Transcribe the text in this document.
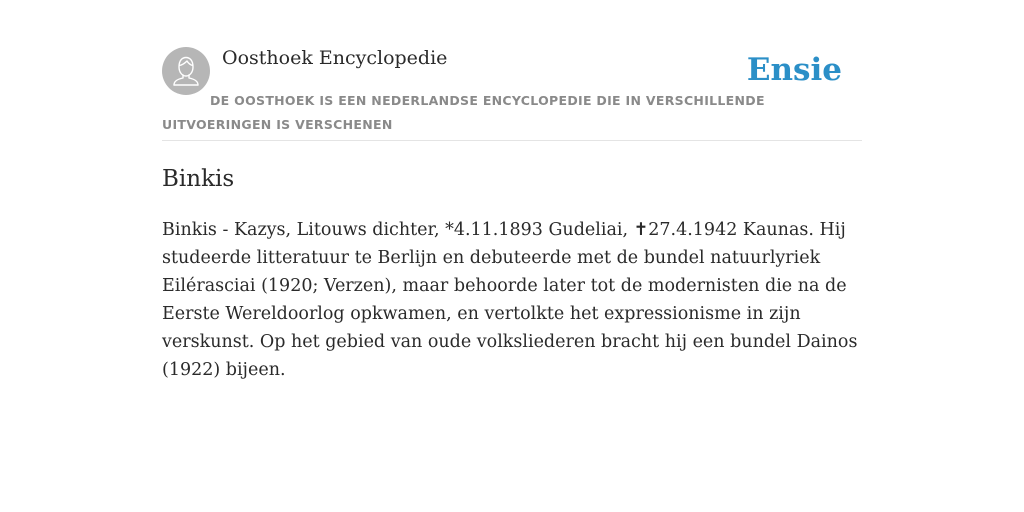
Oosthoek Encyclopedie	Ensie

DE OOSTHOEK IS EEN NEDERLANDSE ENCYCLOPEDIE DIE IN VERSCHILLENDE UITVOERINGEN IS VERSCHENEN

Binkis

Binkis - Kazys, Litouws dichter, *4.11.1893 Gudeliai, ✝27.4.1942 Kaunas. Hij studeerde litteratuur te Berlijn en debuteerde met de bundel natuurlyriek Eilérasciai (1920; Verzen), maar behoorde later tot de modernisten die na de Eerste Wereldoorlog opkwamen, en vertolkte het expressionisme in zijn verskunst. Op het gebied van oude volksliederen bracht hij een bundel Dainos (1922) bijeen.
